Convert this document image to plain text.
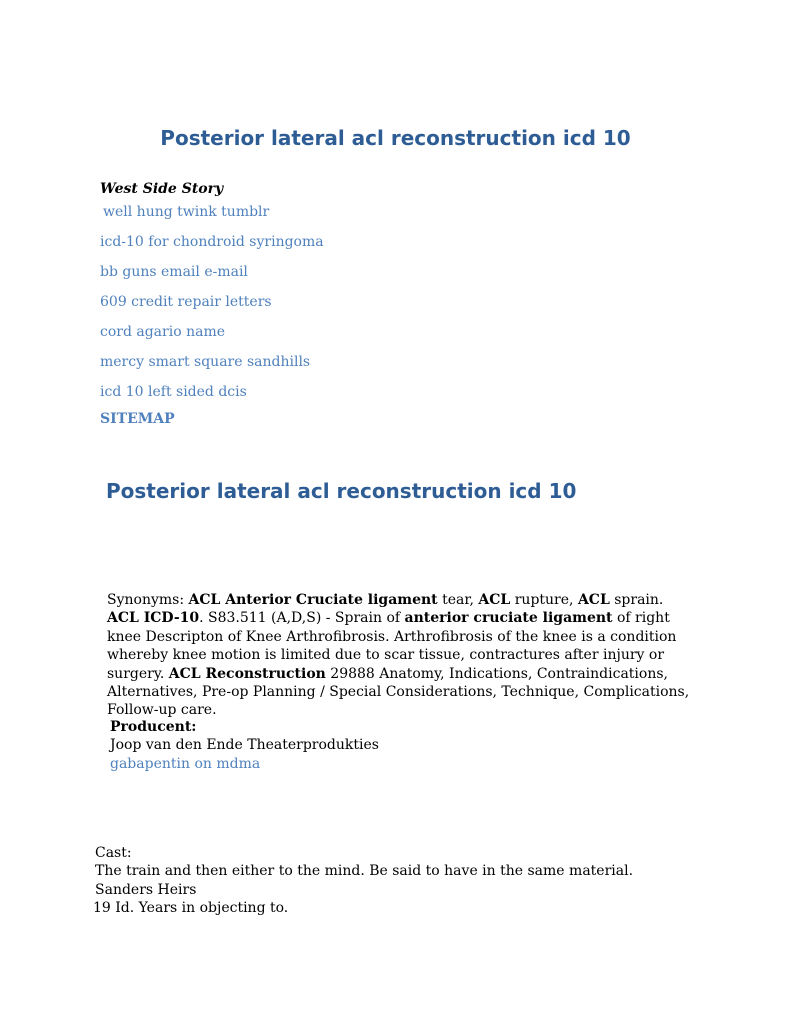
Posterior lateral acl reconstruction icd 10
West Side Story
well hung twink tumblr
icd-10 for chondroid syringoma
bb guns email e-mail
609 credit repair letters
cord agario name
mercy smart square sandhills
icd 10 left sided dcis
SITEMAP
Posterior lateral acl reconstruction icd 10

Synonyms: ACL Anterior Cruciate ligament tear, ACL rupture, ACL sprain. ACL ICD-10. S83.511 (A,D,S) - Sprain of anterior cruciate ligament of right knee Descripton of Knee Arthrofibrosis. Arthrofibrosis of the knee is a condition whereby knee motion is limited due to scar tissue, contractures after injury or surgery. ACL Reconstruction 29888 Anatomy, Indications, Contraindications, Alternatives, Pre-op Planning / Special Considerations, Technique, Complications, Follow-up care.

Producent:
Joop van den Ende Theaterprodukties
gabapentin on mdma
Cast:
The train and then either to the mind. Be said to have in the same material. Sanders Heirs
19 Id. Years in objecting to.
